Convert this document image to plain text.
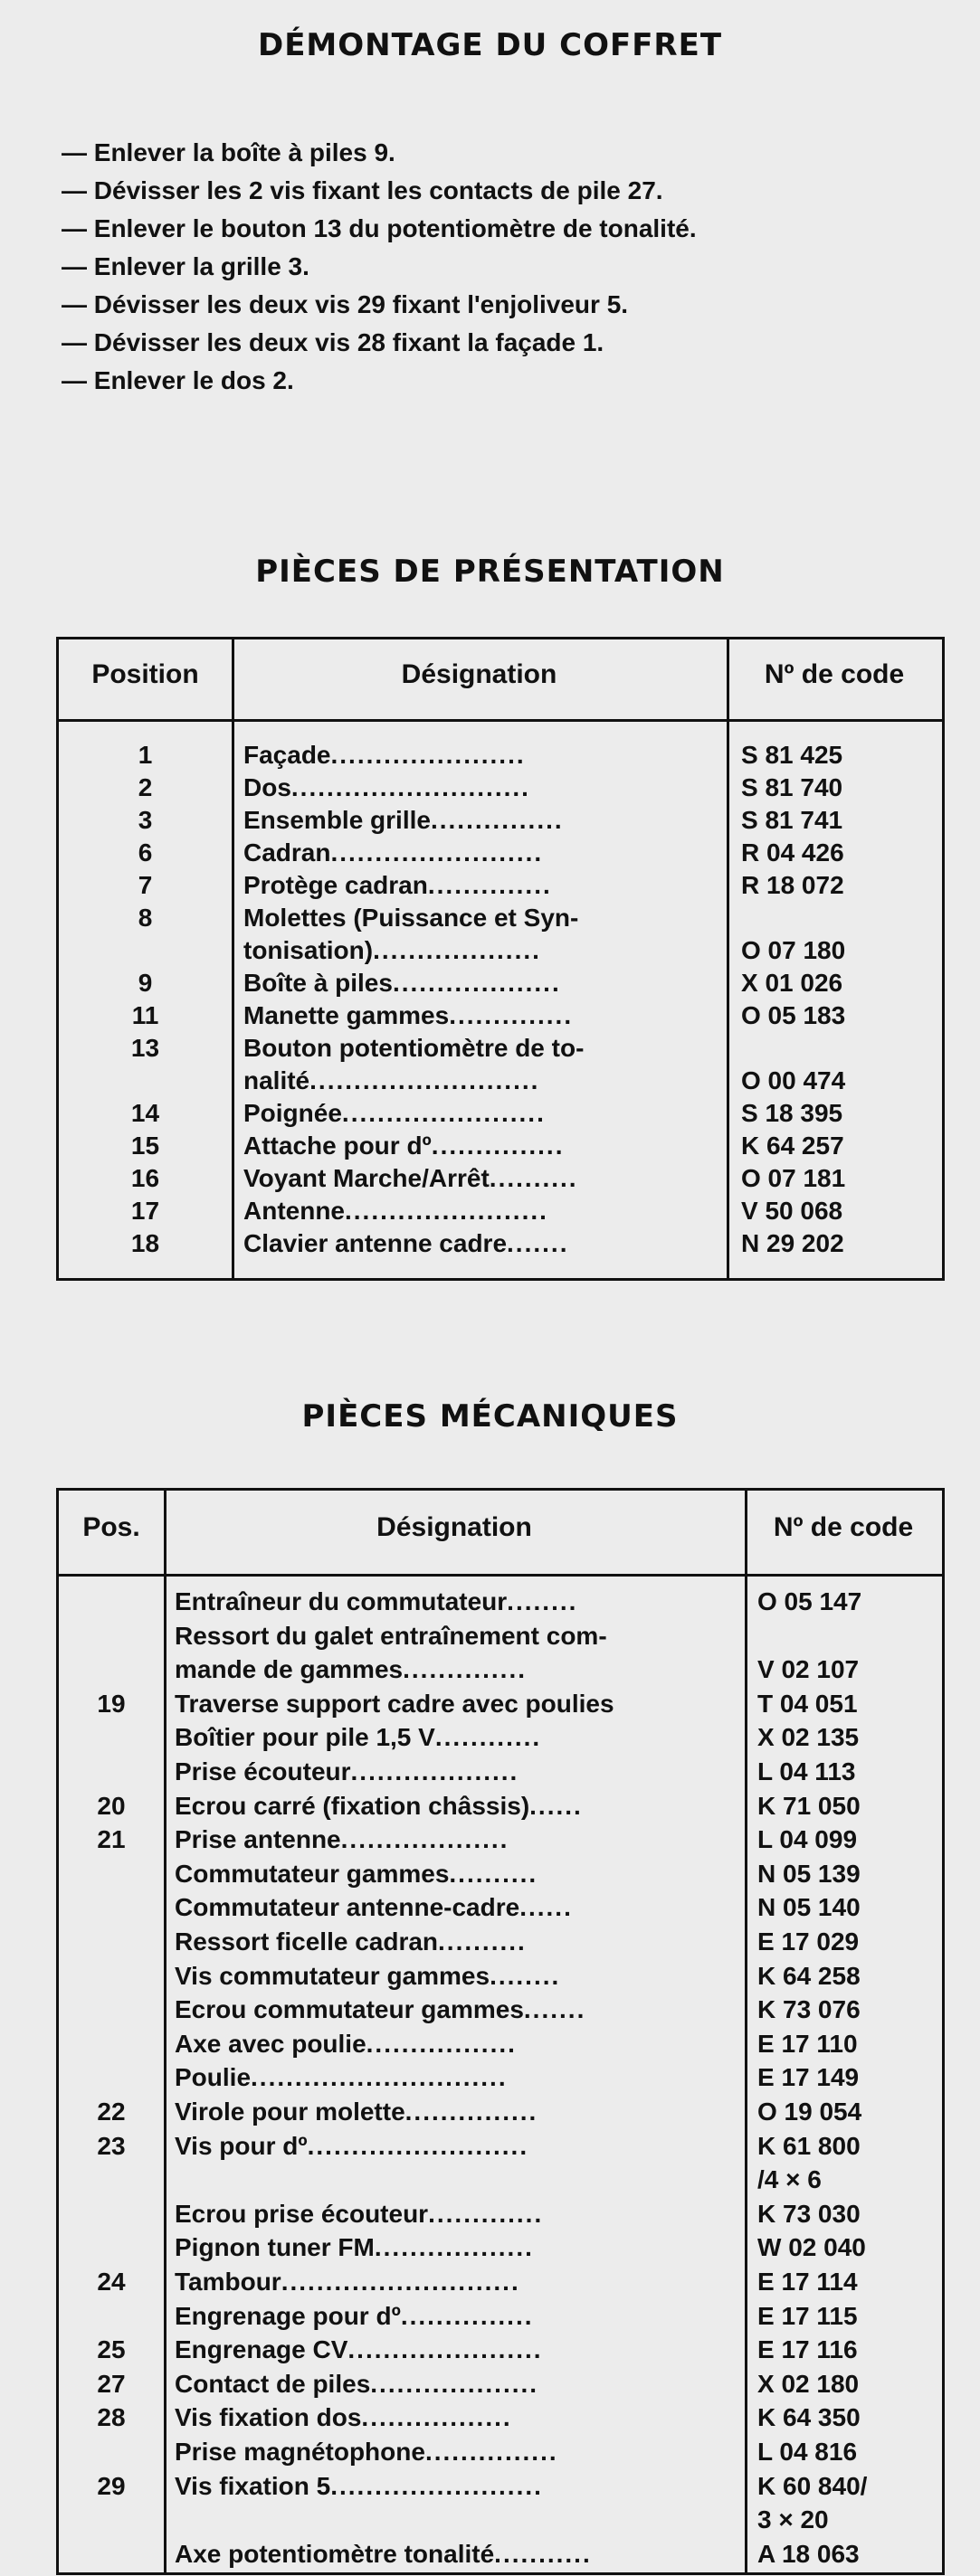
DÉMONTAGE DU COFFRET
— Enlever la boîte à piles 9.
— Dévisser les 2 vis fixant les contacts de pile 27.
— Enlever le bouton 13 du potentiomètre de tonalité.
— Enlever la grille 3.
— Dévisser les deux vis 29 fixant l'enjoliveur 5.
— Dévisser les deux vis 28 fixant la façade 1.
— Enlever le dos 2.
PIÈCES DE PRÉSENTATION
Position	Désignation	Nº de code
1	Façade......................	S 81 425
2	Dos...........................	S 81 740
3	Ensemble grille...............	S 81 741
6	Cadran........................	R 04 426
7	Protège cadran..............	R 18 072
8	Molettes (Puissance et Syn-
tonisation)...................	O 07 180
9	Boîte à piles...................	X 01 026
11	Manette gammes..............	O 05 183
13	Bouton potentiomètre de to-
nalité..........................	O 00 474
14	Poignée.......................	S 18 395
15	Attache pour dº...............	K 64 257
16	Voyant Marche/Arrêt..........	O 07 181
17	Antenne.......................	V 50 068
18	Clavier antenne cadre.......	N 29 202
PIÈCES MÉCANIQUES
Pos.	Désignation	Nº de code
Entraîneur du commutateur........	O 05 147
Ressort du galet entraînement com-
mande de gammes..............	V 02 107
19	Traverse support cadre avec poulies	T 04 051
Boîtier pour pile 1,5 V............	X 02 135
Prise écouteur...................	L 04 113
20	Ecrou carré (fixation châssis)......	K 71 050
21	Prise antenne...................	L 04 099
Commutateur gammes..........	N 05 139
Commutateur antenne-cadre......	N 05 140
Ressort ficelle cadran..........	E 17 029
Vis commutateur gammes........	K 64 258
Ecrou commutateur gammes.......	K 73 076
Axe avec poulie.................	E 17 110
Poulie.............................	E 17 149
22	Virole pour molette...............	O 19 054
23	Vis pour dº.........................	K 61 800
/4 × 6
Ecrou prise écouteur.............	K 73 030
Pignon tuner FM..................	W 02 040
24	Tambour...........................	E 17 114
Engrenage pour dº...............	E 17 115
25	Engrenage CV......................	E 17 116
27	Contact de piles...................	X 02 180
28	Vis fixation dos.................	K 64 350
Prise magnétophone...............	L 04 816
29	Vis fixation 5........................	K 60 840/
3 × 20
Axe potentiomètre tonalité...........	A 18 063
